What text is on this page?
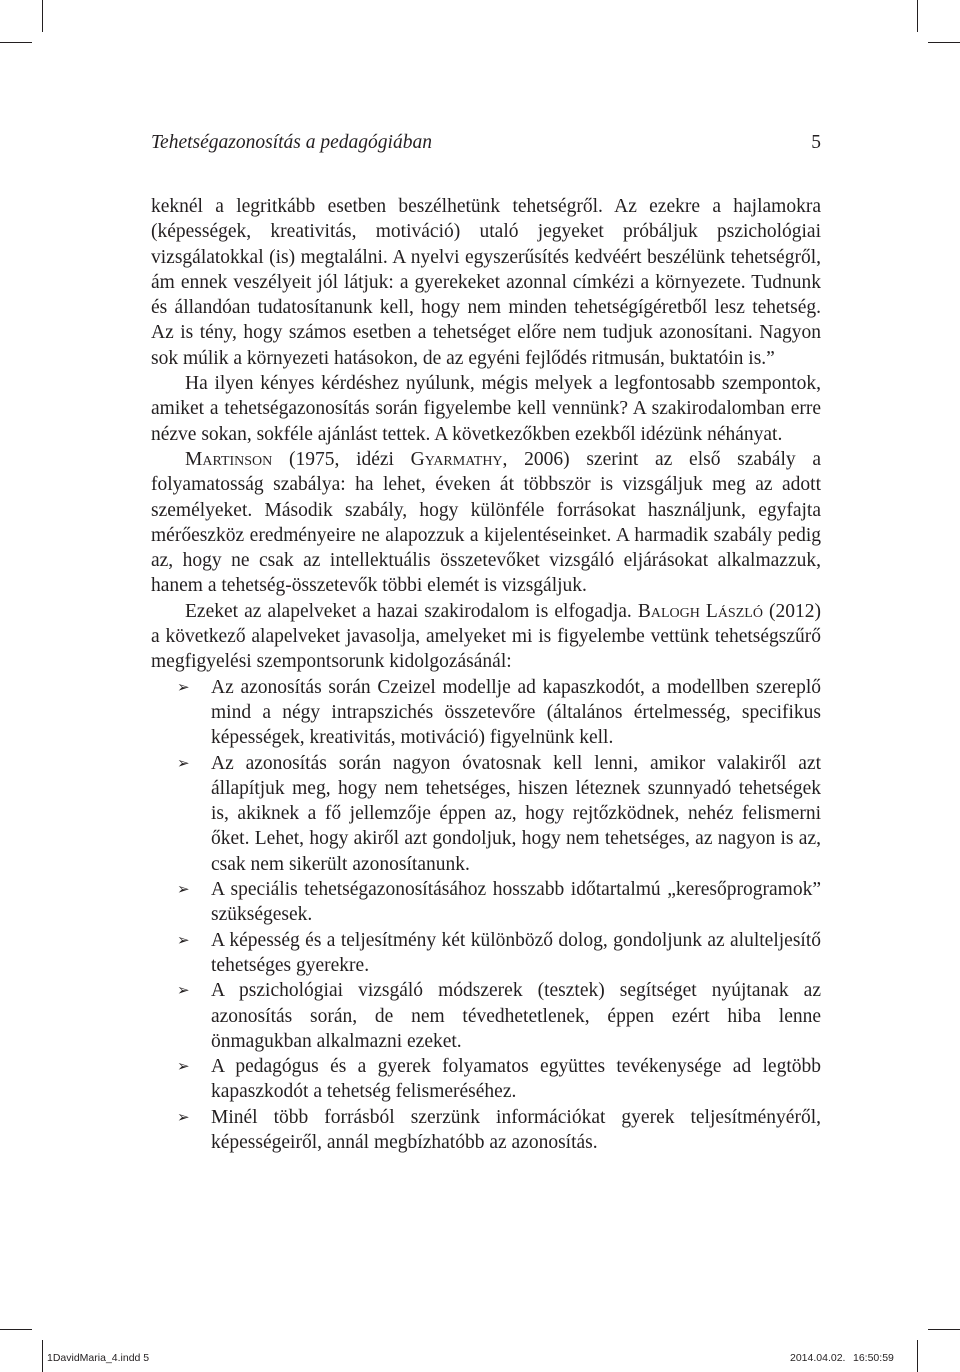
Tehetségazonosítás a pedagógiában	5

keknél a legritkább esetben beszélhetünk tehetségről. Az ezekre a hajlamokra (képességek, kreativitás, motiváció) utaló jegyeket próbáljuk pszichológiai vizsgálatokkal (is) megtalálni. A nyelvi egyszerűsítés kedvéért beszélünk tehetségről, ám ennek veszélyeit jól látjuk: a gyerekeket azonnal címkézi a környezete. Tudnunk és állandóan tudatosítanunk kell, hogy nem minden tehetségígéretből lesz tehetség. Az is tény, hogy számos esetben a tehetséget előre nem tudjuk azonosítani. Nagyon sok múlik a környezeti hatásokon, de az egyéni fejlődés ritmusán, buktatóin is.”

Ha ilyen kényes kérdéshez nyúlunk, mégis melyek a legfontosabb szempontok, amiket a tehetségazonosítás során figyelembe kell vennünk? A szakirodalomban erre nézve sokan, sokféle ajánlást tettek. A következőkben ezekből idézünk néhányat.

Martinson (1975, idézi Gyarmathy, 2006) szerint az első szabály a folyamatosság szabálya: ha lehet, éveken át többször is vizsgáljuk meg az adott személyeket. Második szabály, hogy különféle forrásokat használjunk, egyfajta mérőeszköz eredményeire ne alapozzuk a kijelentéseinket. A harmadik szabály pedig az, hogy ne csak az intellektuális összetevőket vizsgáló eljárásokat alkalmazzuk, hanem a tehetség-összetevők többi elemét is vizsgáljuk.

Ezeket az alapelveket a hazai szakirodalom is elfogadja. Balogh László (2012) a következő alapelveket javasolja, amelyeket mi is figyelembe vettünk tehetségszűrő megfigyelési szempontsorunk kidolgozásánál:

➢ Az azonosítás során Czeizel modellje ad kapaszkodót, a modellben szereplő mind a négy intrapszichés összetevőre (általános értelmesség, specifikus képességek, kreativitás, motiváció) figyelnünk kell.
➢ Az azonosítás során nagyon óvatosnak kell lenni, amikor valakiről azt állapítjuk meg, hogy nem tehetséges, hiszen léteznek szunnyadó tehetségek is, akiknek a fő jellemzője éppen az, hogy rejtőzködnek, nehéz felismerni őket. Lehet, hogy akiről azt gondoljuk, hogy nem tehetséges, az nagyon is az, csak nem sikerült azonosítanunk.
➢ A speciális tehetségazonosításához hosszabb időtartalmú „keresőprogramok” szükségesek.
➢ A képesség és a teljesítmény két különböző dolog, gondoljunk az alulteljesítő tehetséges gyerekre.
➢ A pszichológiai vizsgáló módszerek (tesztek) segítséget nyújtanak az azonosítás során, de nem tévedhetetlenek, éppen ezért hiba lenne önmagukban alkalmazni ezeket.
➢ A pedagógus és a gyerek folyamatos együttes tevékenysége ad legtöbb kapaszkodót a tehetség felismeréséhez.
➢ Minél több forrásból szerzünk információkat gyerek teljesítményéről, képességeiről, annál megbízhatóbb az azonosítás.
1DavidMaria_4.indd 5	2014.04.02. 16:50:59
